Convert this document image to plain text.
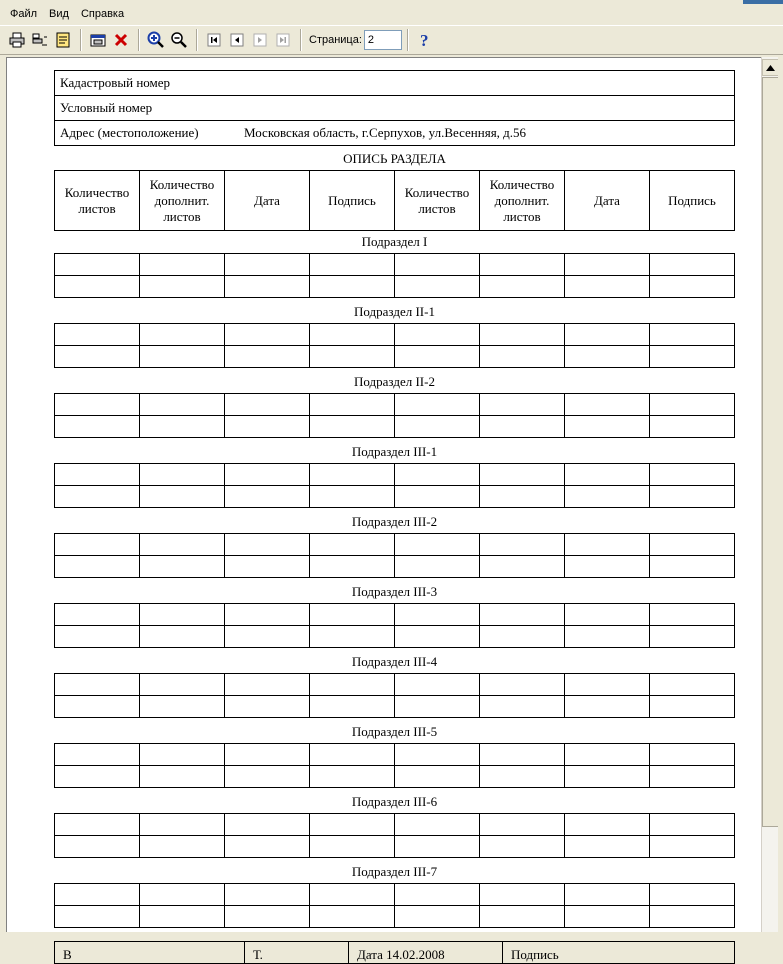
Файл	Вид	Справка
Страница:
2	?
Кадастровый номер
Условный номер
Адрес (местоположение)	Московская область, г.Серпухов, ул.Весенняя, д.56
ОПИСЬ РАЗДЕЛА
Количество листов	Количество дополнит. листов	Дата	Подпись	Количество листов	Количество дополнит. листов	Дата	Подпись
Подраздел I

Подраздел II-1

Подраздел II-2

Подраздел III-1

Подраздел III-2

Подраздел III-3

Подраздел III-4

Подраздел III-5

Подраздел III-6

Подраздел III-7

В	Т.	Дата 14.02.2008	Подпись
